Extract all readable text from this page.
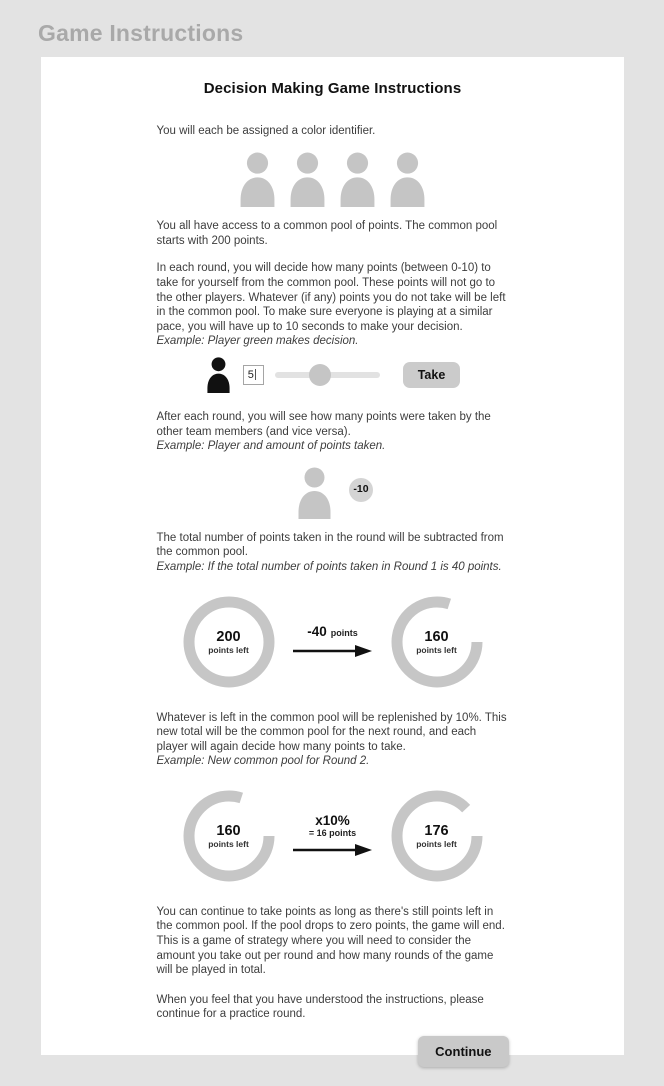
Game Instructions
Decision Making Game Instructions

You will each be assigned a color identifier.

You all have access to a common pool of points. The common pool starts with 200 points.

In each round, you will decide how many points (between 0-10) to take for yourself from the common pool. These points will not go to the other players. Whatever (if any) points you do not take will be left in the common pool. To make sure everyone is playing at a similar pace, you will have up to 10 seconds to make your decision.

Example: Player green makes decision.

5	Take

After each round, you will see how many points were taken by the other team members (and vice versa).

Example: Player and amount of points taken.

-10

The total number of points taken in the round will be subtracted from the common pool.

Example: If the total number of points taken in Round 1 is 40 points.

200
points left
-40 points	160
points left

Whatever is left in the common pool will be replenished by 10%. This new total will be the common pool for the next round, and each player will again decide how many points to take.

Example: New common pool for Round 2.

160
points left
x10%
= 16 points	176
points left

You can continue to take points as long as there's still points left in the common pool. If the pool drops to zero points, the game will end. This is a game of strategy where you will need to consider the amount you take out per round and how many rounds of the game will be played in total.

When you feel that you have understood the instructions, please continue for a practice round.

Continue
